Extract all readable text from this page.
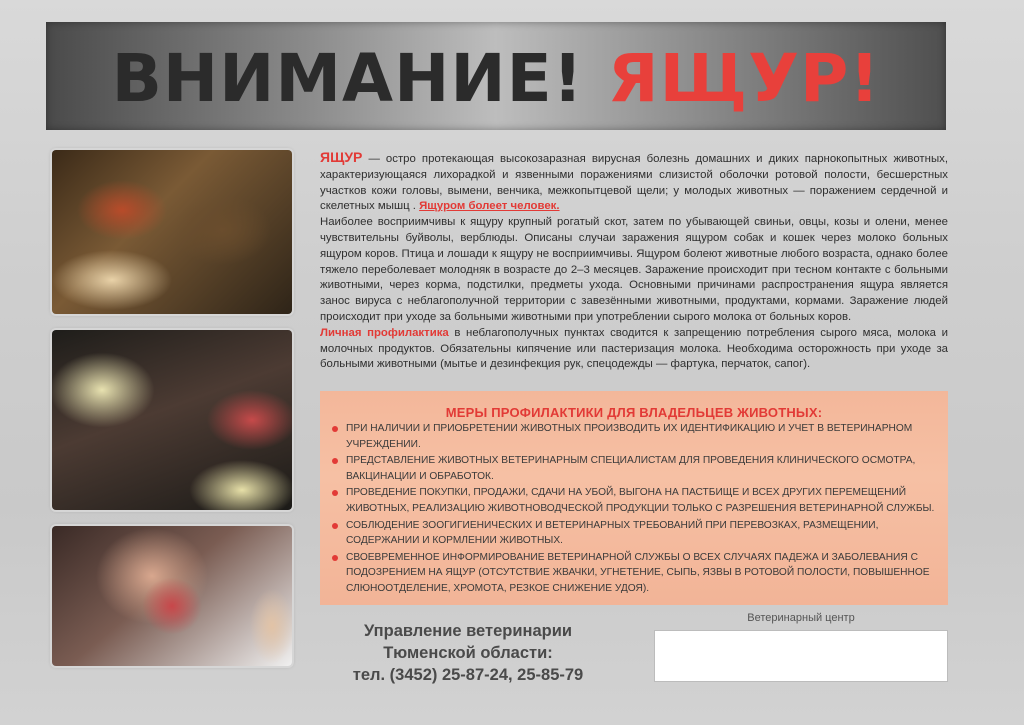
ВНИМАНИЕ! ЯЩУР!

ЯЩУР — остро протекающая высокозаразная вирусная болезнь домашних и диких парнокопытных животных, характеризующаяся лихорадкой и язвенными поражениями слизистой оболочки ротовой полости, бесшерстных участков кожи головы, вымени, венчика, межкопытцевой щели; у молодых животных — поражением сердечной и скелетных мышц . Ящуром болеет человек.

Наиболее восприимчивы к ящуру крупный рогатый скот, затем по убывающей свиньи, овцы, козы и олени, менее чувствительны буйволы, верблюды. Описаны случаи заражения ящуром собак и кошек через молоко больных ящуром коров. Птица и лошади к ящуру не восприимчивы. Ящуром болеют животные любого возраста, однако более тяжело переболевает молодняк в возрасте до 2–3 месяцев. Заражение происходит при тесном контакте с больными животными, через корма, подстилки, предметы ухода. Основными причинами распространения ящура является занос вируса с неблагополучной территории с завезёнными животными, продуктами, кормами. Заражение людей происходит при уходе за больными животными при употреблении сырого молока от больных коров.

Личная профилактика в неблагополучных пунктах сводится к запрещению потребления сырого мяса, молока и молочных продуктов. Обязательны кипячение или пастеризация молока. Необходима осторожность при уходе за больными животными (мытье и дезинфекция рук, спецодежды — фартука, перчаток, сапог).

МЕРЫ ПРОФИЛАКТИКИ ДЛЯ ВЛАДЕЛЬЦЕВ ЖИВОТНЫХ:
ПРИ НАЛИЧИИ И ПРИОБРЕТЕНИИ ЖИВОТНЫХ ПРОИЗВОДИТЬ ИХ ИДЕНТИФИКАЦИЮ И УЧЕТ В ВЕТЕРИНАРНОМ УЧРЕЖДЕНИИ.
ПРЕДСТАВЛЕНИЕ ЖИВОТНЫХ ВЕТЕРИНАРНЫМ СПЕЦИАЛИСТАМ ДЛЯ ПРОВЕДЕНИЯ КЛИНИЧЕСКОГО ОСМОТРА, ВАКЦИНАЦИИ И ОБРАБОТОК.
ПРОВЕДЕНИЕ ПОКУПКИ, ПРОДАЖИ, СДАЧИ НА УБОЙ, ВЫГОНА НА ПАСТБИЩЕ И ВСЕХ ДРУГИХ ПЕРЕМЕЩЕНИЙ ЖИВОТНЫХ, РЕАЛИЗАЦИЮ ЖИВОТНОВОДЧЕСКОЙ ПРОДУКЦИИ ТОЛЬКО С РАЗРЕШЕНИЯ ВЕТЕРИНАРНОЙ СЛУЖБЫ.
СОБЛЮДЕНИЕ ЗООГИГИЕНИЧЕСКИХ И ВЕТЕРИНАРНЫХ ТРЕБОВАНИЙ ПРИ ПЕРЕВОЗКАХ, РАЗМЕЩЕНИИ, СОДЕРЖАНИИ И КОРМЛЕНИИ ЖИВОТНЫХ.
СВОЕВРЕМЕННОЕ ИНФОРМИРОВАНИЕ ВЕТЕРИНАРНОЙ СЛУЖБЫ О ВСЕХ СЛУЧАЯХ ПАДЕЖА И ЗАБОЛЕВАНИЯ С ПОДОЗРЕНИЕМ НА ЯЩУР (ОТСУТСТВИЕ ЖВАЧКИ, УГНЕТЕНИЕ, СЫПЬ, ЯЗВЫ В РОТОВОЙ ПОЛОСТИ, ПОВЫШЕННОЕ СЛЮНООТДЕЛЕНИЕ, ХРОМОТА, РЕЗКОЕ СНИЖЕНИЕ УДОЯ).
Управление ветеринарии
Тюменской области:
тел. (3452) 25-87-24, 25-85-79
Ветеринарный центр
